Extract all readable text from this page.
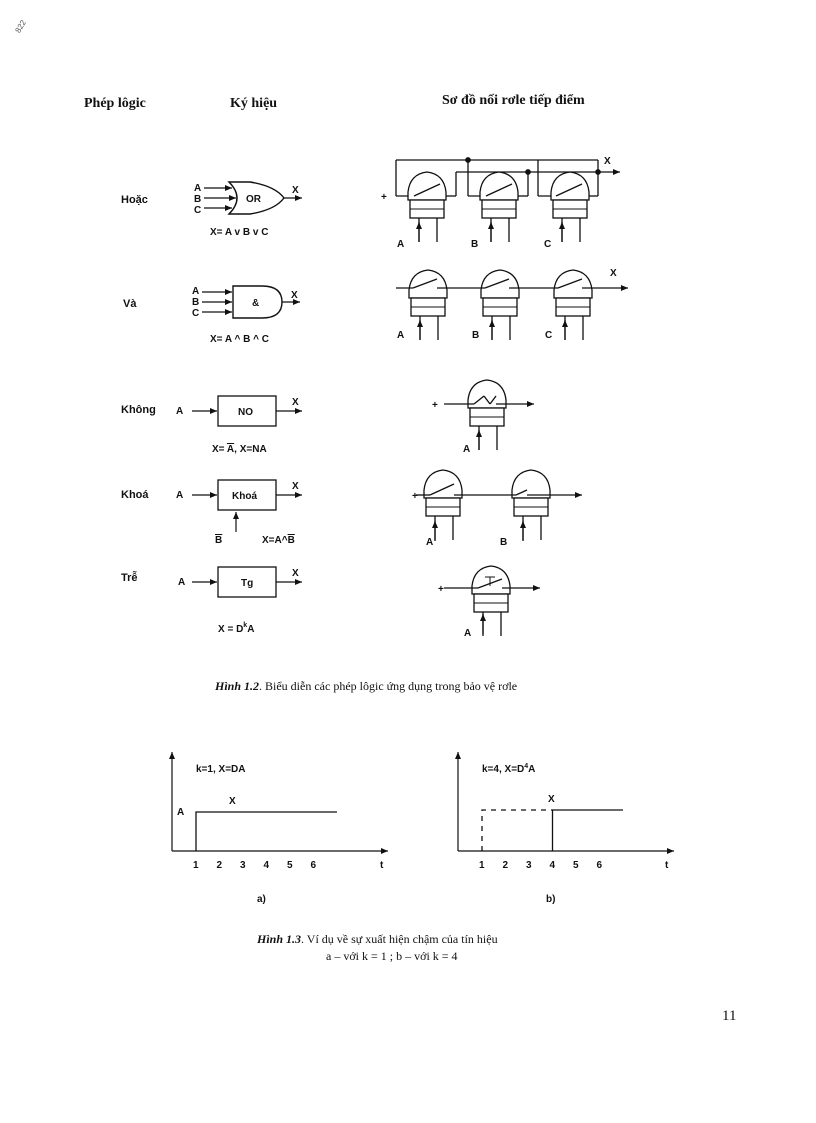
822
Phép lôgic	Ký hiệu	Sơ đồ nối rơle tiếp điểm
Hoặc
Và
Không
Khoá
Trễ
A
B
C
OR
X
X= A v B v C
A
B
C
&
X
X= A ^ B ^ C
A	NO
X
X= A, X=NA
A	Khoá
X
B	X=A^B
A	Tg
X
$X = D^kA$
+
X
A	B	C
X
A	B	C
+
A
+
A	B
+
A
Hình 1.2. Biểu diễn các phép lôgic ứng dụng trong bảo vệ rơle
1 2 3 4 5 6
k=1, X=DA
A
X
t
a)
1 2 3 4 5 6
k=4, $X=D^4A$
X
t
b)
Hình 1.3. Ví dụ về sự xuất hiện chậm của tín hiệu
a – với k = 1 ; b – với k = 4
11
